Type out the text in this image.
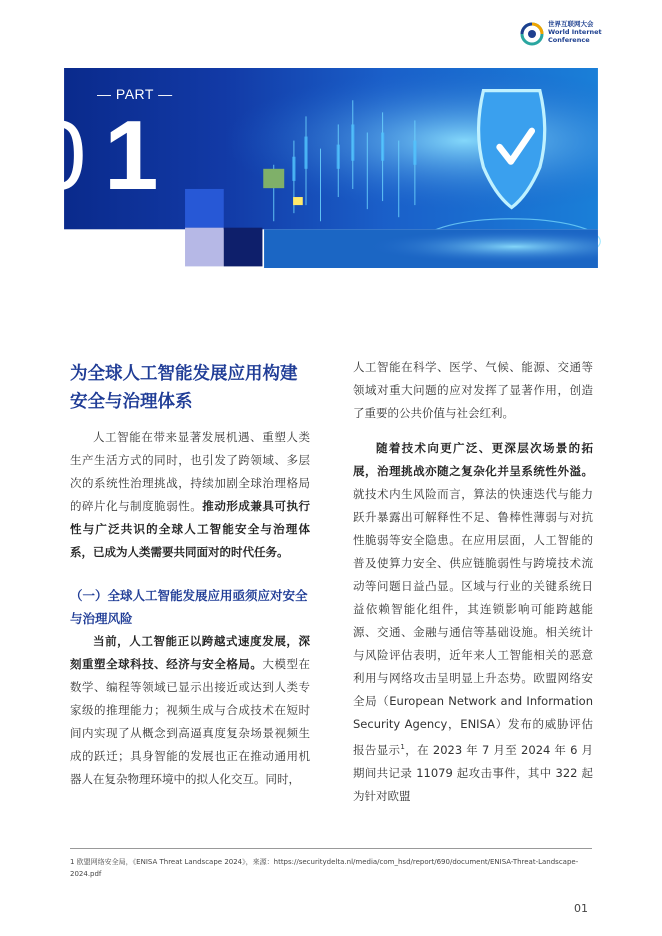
世界互联网大会
World Internet
Conference
— PART —
0 1
为全球人工智能发展应用构建安全与治理体系

人工智能在带来显著发展机遇、重塑人类生产生活方式的同时，也引发了跨领域、多层次的系统性治理挑战，持续加剧全球治理格局的碎片化与制度脆弱性。推动形成兼具可执行性与广泛共识的全球人工智能安全与治理体系，已成为人类需要共同面对的时代任务。

（一）全球人工智能发展应用亟须应对安全与治理风险

当前，人工智能正以跨越式速度发展，深刻重塑全球科技、经济与安全格局。大模型在数学、编程等领域已显示出接近或达到人类专家级的推理能力；视频生成与合成技术在短时间内实现了从概念到高逼真度复杂场景视频生成的跃迁；具身智能的发展也正在推动通用机器人在复杂物理环境中的拟人化交互。同时，

人工智能在科学、医学、气候、能源、交通等领域对重大问题的应对发挥了显著作用，创造了重要的公共价值与社会红利。

随着技术向更广泛、更深层次场景的拓展，治理挑战亦随之复杂化并呈系统性外溢。就技术内生风险而言，算法的快速迭代与能力跃升暴露出可解释性不足、鲁棒性薄弱与对抗性脆弱等安全隐患。在应用层面，人工智能的普及使算力安全、供应链脆弱性与跨境技术流动等问题日益凸显。区域与行业的关键系统日益依赖智能化组件，其连锁影响可能跨越能源、交通、金融与通信等基础设施。相关统计与风险评估表明，近年来人工智能相关的恶意利用与网络攻击呈明显上升态势。欧盟网络安全局（European Network and Information Security Agency，ENISA）发布的威胁评估报告显示$^1$，在 2023 年 7 月至 2024 年 6 月期间共记录 11079 起攻击事件，其中 322 起为针对欧盟

1 欧盟网络安全局，《ENISA Threat Landscape 2024》，来源：https://securitydelta.nl/media/com_hsd/report/690/document/ENISA-Threat-Landscape-2024.pdf
01
